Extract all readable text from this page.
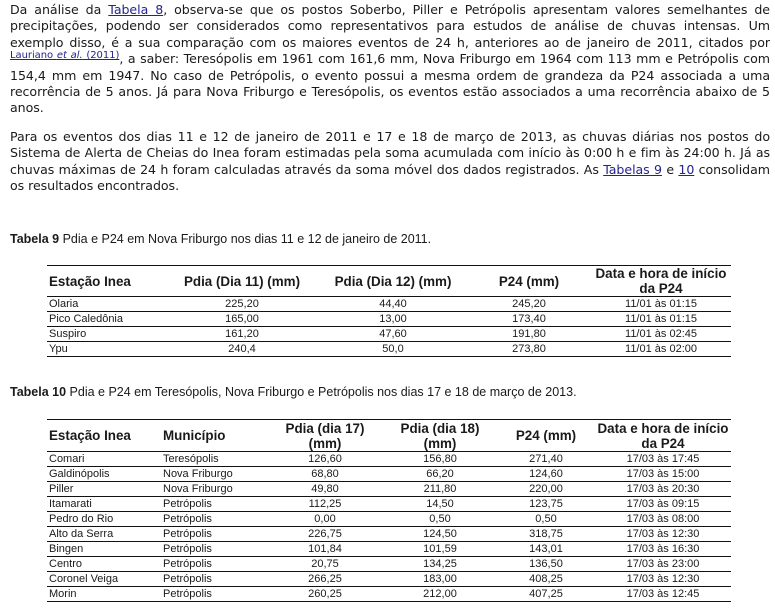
Da análise da Tabela 8, observa-se que os postos Soberbo, Piller e Petrópolis apresentam valores semelhantes de precipitações, podendo ser considerados como representativos para estudos de análise de chuvas intensas. Um exemplo disso, é a sua comparação com os maiores eventos de 24 h, anteriores ao de janeiro de 2011, citados por $^{Lauriano et al. (2011)}$, a saber: Teresópolis em 1961 com 161,6 mm, Nova Friburgo em 1964 com 113 mm e Petrópolis com 154,4 mm em 1947. No caso de Petrópolis, o evento possui a mesma ordem de grandeza da P24 associada a uma recorrência de 5 anos. Já para Nova Friburgo e Teresópolis, os eventos estão associados a uma recorrência abaixo de 5 anos.

Para os eventos dos dias 11 e 12 de janeiro de 2011 e 17 e 18 de março de 2013, as chuvas diárias nos postos do Sistema de Alerta de Cheias do Inea foram estimadas pela soma acumulada com início às 0:00 h e fim às 24:00 h. Já as chuvas máximas de 24 h foram calculadas através da soma móvel dos dados registrados. As Tabelas 9 e 10 consolidam os resultados encontrados.

Tabela 9 Pdia e P24 em Nova Friburgo nos dias 11 e 12 de janeiro de 2011.

Estação Inea	Pdia (Dia 11) (mm)	Pdia (Dia 12) (mm)	P24 (mm)	Data e hora de início da P24
Olaria	225,20	44,40	245,20	11/01 às 01:15
Pico Caledônia	165,00	13,00	173,40	11/01 às 01:15
Suspiro	161,20	47,60	191,80	11/01 às 02:45
Ypu	240,4	50,0	273,80	11/01 às 02:00

Tabela 10 Pdia e P24 em Teresópolis, Nova Friburgo e Petrópolis nos dias 17 e 18 de março de 2013.

Estação Inea	Município	Pdia (dia 17) (mm)	Pdia (dia 18) (mm)	P24 (mm)	Data e hora de início da P24
Comari	Teresópolis	126,60	156,80	271,40	17/03 às 17:45
Galdinópolis	Nova Friburgo	68,80	66,20	124,60	17/03 às 15:00
Piller	Nova Friburgo	49,80	211,80	220,00	17/03 às 20:30
Itamarati	Petrópolis	112,25	14,50	123,75	17/03 às 09:15
Pedro do Rio	Petrópolis	0,00	0,50	0,50	17/03 às 08:00
Alto da Serra	Petrópolis	226,75	124,50	318,75	17/03 às 12:30
Bingen	Petrópolis	101,84	101,59	143,01	17/03 às 16:30
Centro	Petrópolis	20,75	134,25	136,50	17/03 às 23:00
Coronel Veiga	Petrópolis	266,25	183,00	408,25	17/03 às 12:30
Morin	Petrópolis	260,25	212,00	407,25	17/03 às 12:45
